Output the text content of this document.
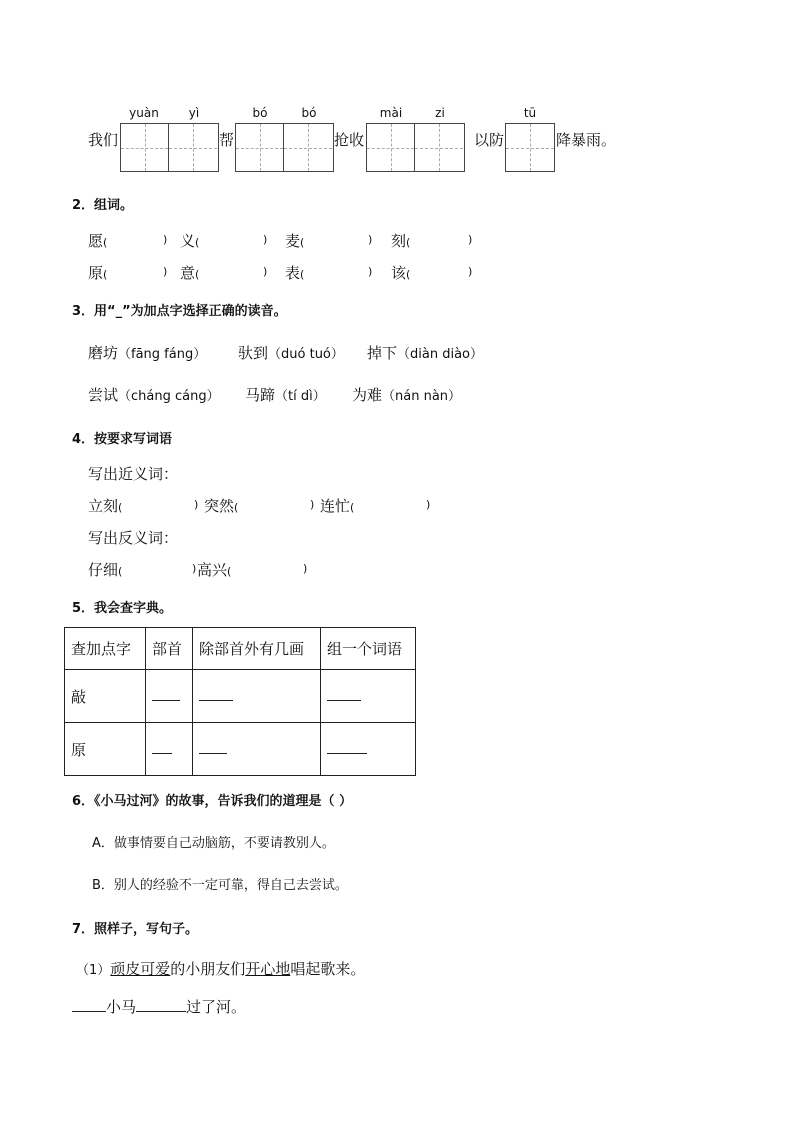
yuàn	yì	bó	bó	mài	zi	tū
我们	帮	抢收	以防	降暴雨。
2．组词。
愿(	) 义(	) 麦(	) 刻(	)
原(	) 意(	) 表(	) 该(	)
3．用“_”为加点字选择正确的读音。
磨坊（fāng fáng） 驮到（duó tuó） 掉下（diàn diào）
尝试（cháng cáng） 马蹄（tí dì） 为难（nán nàn）
4．按要求写词语
写出近义词：
立刻(	) 突然(	) 连忙(	)
写出反义词：
仔细(	) 高兴(	)
5．我会查字典。
查加点字	部首	除部首外有几画	组一个词语
敲			
原			
6．《小马过河》的故事，告诉我们的道理是（ ）
A．做事情要自己动脑筋，不要请教别人。
B．别人的经验不一定可靠，得自己去尝试。
7．照样子，写句子。
（1）顽皮可爱的小朋友们开心地唱起歌来。
小马	过了河。
